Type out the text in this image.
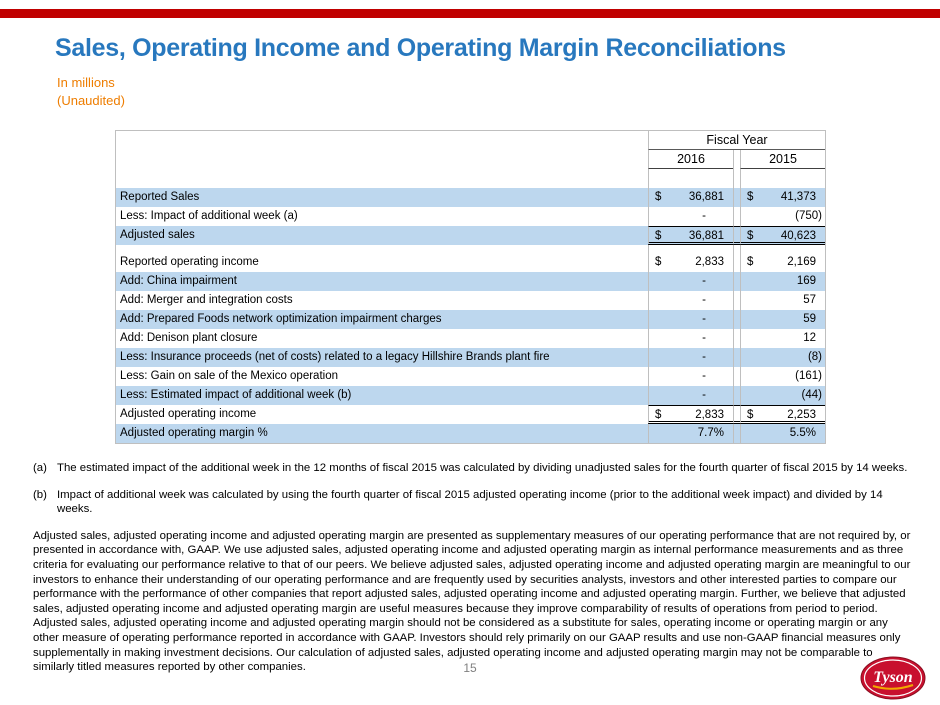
Sales, Operating Income and Operating Margin Reconciliations
In millions
(Unaudited)
Fiscal Year
2016	2015
Reported Sales	$ 36,881	$ 41,373
Less: Impact of additional week (a)	-	(750)
Adjusted sales	$ 36,881	$ 40,623
Reported operating income	$	2,833	$	2,169
Add: China impairment	-	169
Add: Merger and integration costs	-	57
Add: Prepared Foods network optimization impairment charges	-	59
Add: Denison plant closure	-	12
Less: Insurance proceeds (net of costs) related to a legacy Hillshire Brands plant fire	-	(8)
Less: Gain on sale of the Mexico operation	-	(161)
Less: Estimated impact of additional week (b)	-	(44)
Adjusted operating income	$	2,833	$	2,253
Adjusted operating margin %	7.7%	5.5%
(a) The estimated impact of the additional week in the 12 months of fiscal 2015 was calculated by dividing unadjusted sales for the fourth quarter of fiscal 2015 by 14 weeks.
(b) Impact of additional week was calculated by using the fourth quarter of fiscal 2015 adjusted operating income (prior to the additional week impact) and divided by 14 weeks.
Adjusted sales, adjusted operating income and adjusted operating margin are presented as supplementary measures of our operating performance that are not required by, or presented in accordance with, GAAP. We use adjusted sales, adjusted operating income and adjusted operating margin as internal performance measurements and as three criteria for evaluating our performance relative to that of our peers. We believe adjusted sales, adjusted operating income and adjusted operating margin are meaningful to our investors to enhance their understanding of our operating performance and are frequently used by securities analysts, investors and other interested parties to compare our performance with the performance of other companies that report adjusted sales, adjusted operating income and adjusted operating margin. Further, we believe that adjusted sales, adjusted operating income and adjusted operating margin are useful measures because they improve comparability of results of operations from period to period. Adjusted sales, adjusted operating income and adjusted operating margin should not be considered as a substitute for sales, operating income or operating margin or any other measure of operating performance reported in accordance with GAAP. Investors should rely primarily on our GAAP results and use non-GAAP financial measures only supplementally in making investment decisions. Our calculation of adjusted sales, adjusted operating income and adjusted operating margin may not be comparable to similarly titled measures reported by other companies.	15
Tyson
